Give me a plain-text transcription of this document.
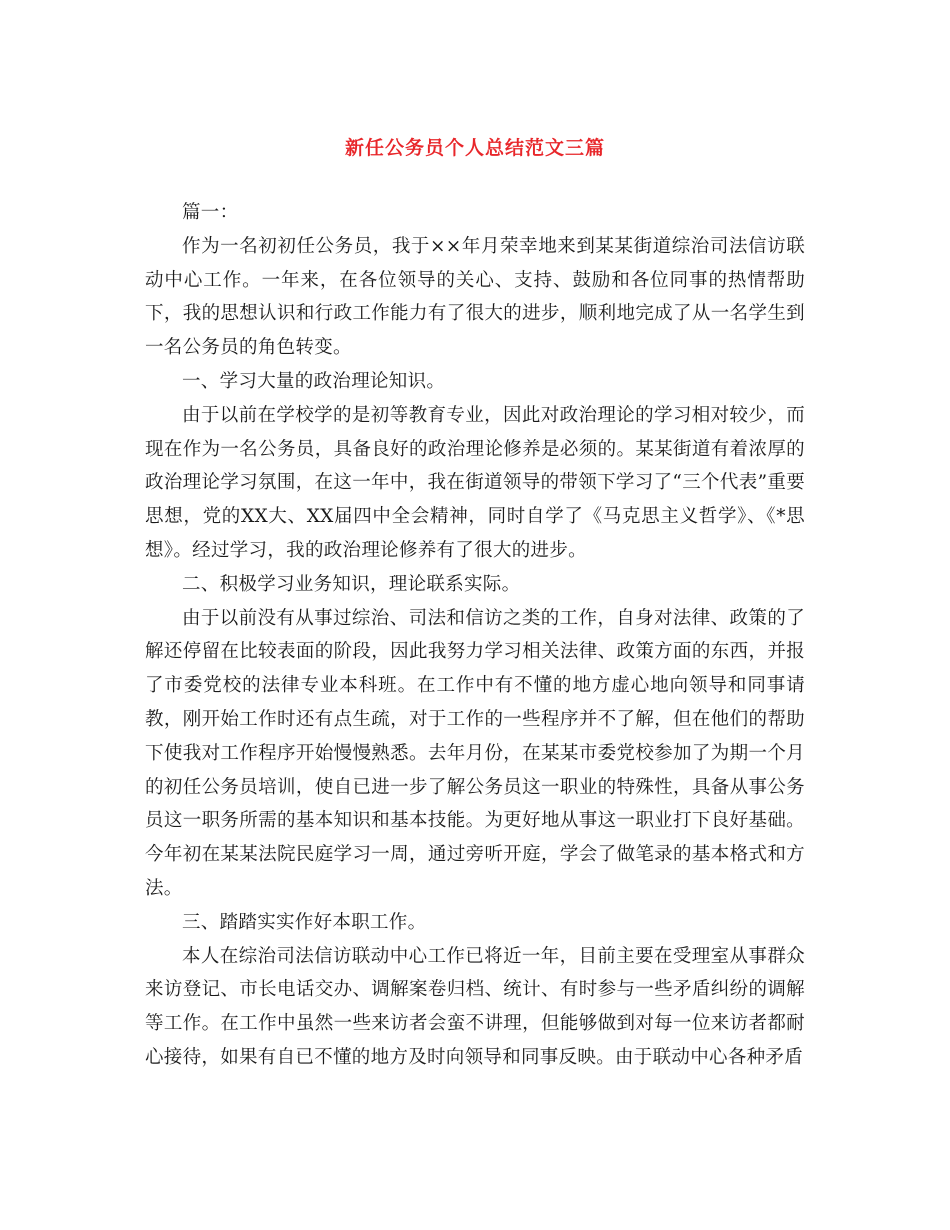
新任公务员个人总结范文三篇

篇一：

作为一名初初任公务员，我于××年月荣幸地来到某某街道综治司法信访联动中心工作。一年来，在各位领导的关心、支持、鼓励和各位同事的热情帮助下，我的思想认识和行政工作能力有了很大的进步，顺利地完成了从一名学生到一名公务员的角色转变。

一、学习大量的政治理论知识。

由于以前在学校学的是初等教育专业，因此对政治理论的学习相对较少，而现在作为一名公务员，具备良好的政治理论修养是必须的。某某街道有着浓厚的政治理论学习氛围，在这一年中，我在街道领导的带领下学习了“三个代表”重要思想，党的XX大、XX届四中全会精神，同时自学了《马克思主义哲学》、《*思想》。经过学习，我的政治理论修养有了很大的进步。

二、积极学习业务知识，理论联系实际。

由于以前没有从事过综治、司法和信访之类的工作，自身对法律、政策的了解还停留在比较表面的阶段，因此我努力学习相关法律、政策方面的东西，并报了市委党校的法律专业本科班。在工作中有不懂的地方虚心地向领导和同事请教，刚开始工作时还有点生疏，对于工作的一些程序并不了解，但在他们的帮助下使我对工作程序开始慢慢熟悉。去年月份，在某某市委党校参加了为期一个月的初任公务员培训，使自已进一步了解公务员这一职业的特殊性，具备从事公务员这一职务所需的基本知识和基本技能。为更好地从事这一职业打下良好基础。今年初在某某法院民庭学习一周，通过旁听开庭，学会了做笔录的基本格式和方法。

三、踏踏实实作好本职工作。

本人在综治司法信访联动中心工作已将近一年，目前主要在受理室从事群众来访登记、市长电话交办、调解案卷归档、统计、有时参与一些矛盾纠纷的调解等工作。在工作中虽然一些来访者会蛮不讲理，但能够做到对每一位来访者都耐心接待，如果有自已不懂的地方及时向领导和同事反映。由于联动中心各种矛盾
